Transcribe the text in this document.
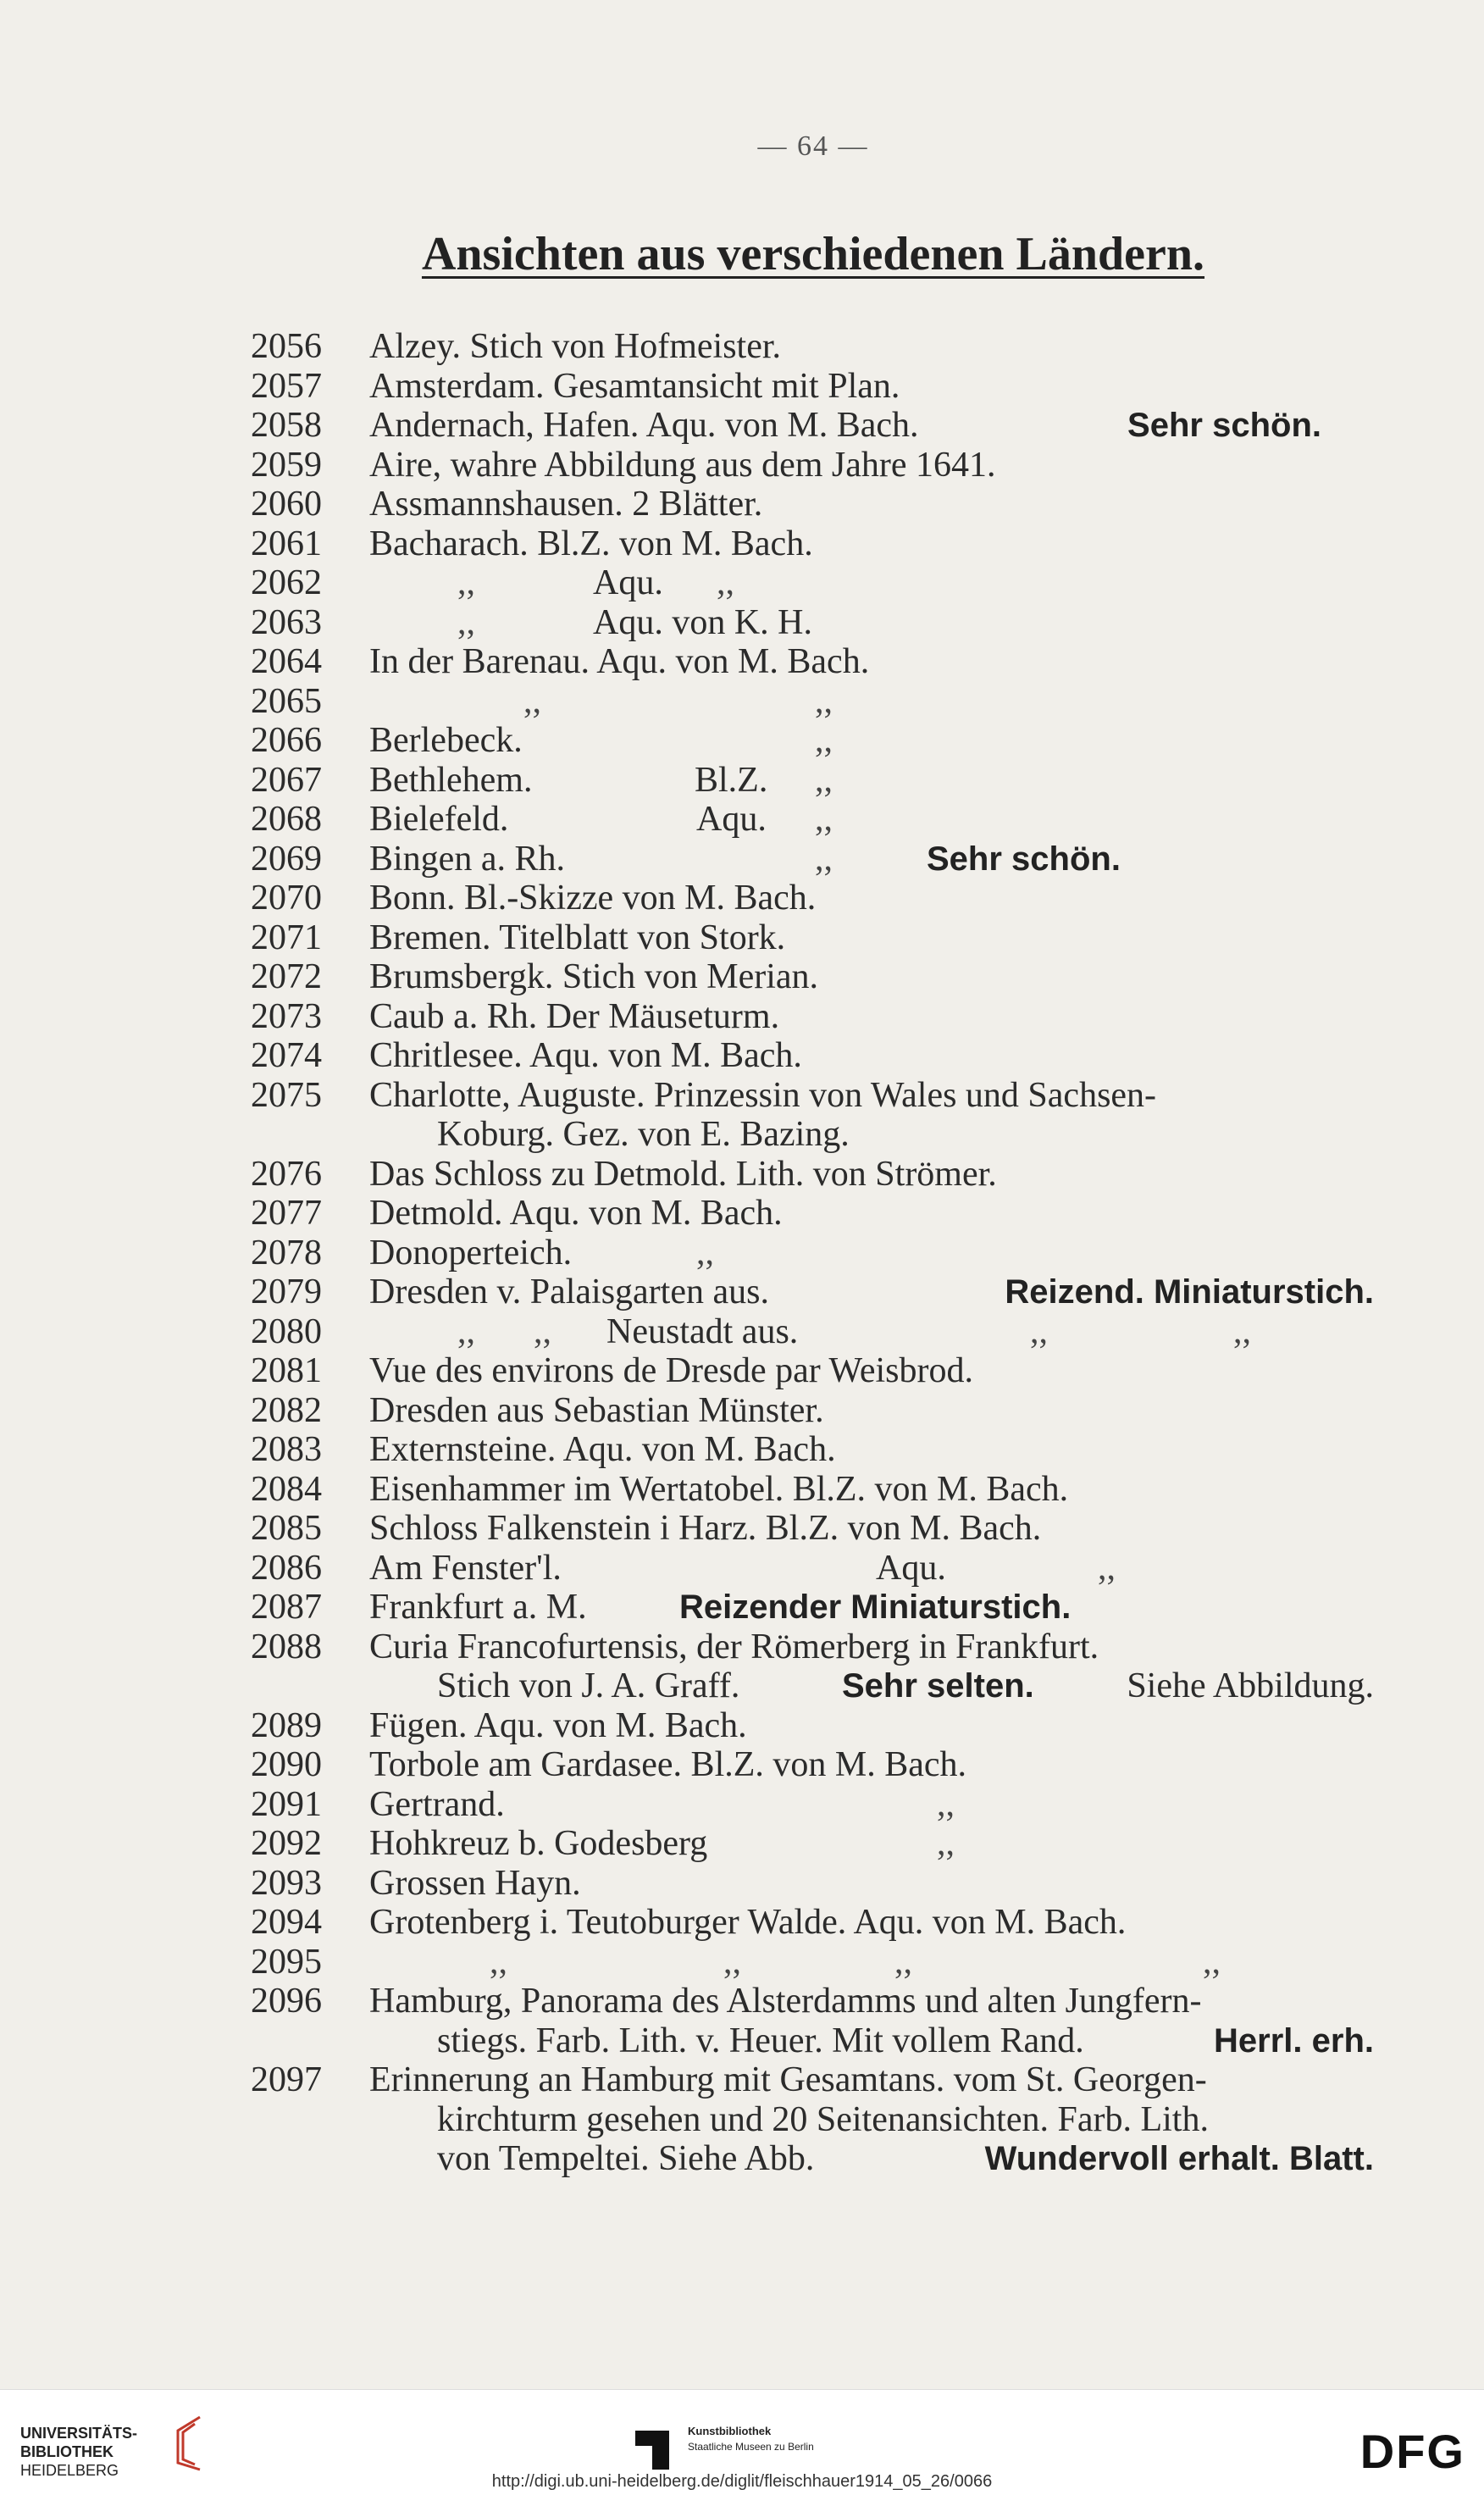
— 64 —
Ansichten aus verschiedenen Ländern.
2056	Alzey. Stich von Hofmeister.
2057	Amsterdam. Gesamtansicht mit Plan.
2058	Andernach, Hafen. Aqu. von M. Bach.	Sehr schön.
2059	Aire, wahre Abbildung aus dem Jahre 1641.
2060	Assmannshausen. 2 Blätter.
2061	Bacharach. Bl.Z. von M. Bach.
2062	,,	Aqu. ,,
2063	,,	Aqu. von K. H.
2064	In der Barenau. Aqu. von M. Bach.
2065	,,	,,
2066	Berlebeck.	,,
2067	Bethlehem.	Bl.Z. ,,
2068	Bielefeld.	Aqu. ,,
2069	Bingen a. Rh.	,,	Sehr schön.
2070	Bonn. Bl.-Skizze von M. Bach.
2071	Bremen. Titelblatt von Stork.
2072	Brumsbergk. Stich von Merian.
2073	Caub a. Rh. Der Mäuseturm.
2074	Chritlesee. Aqu. von M. Bach.
2075	Charlotte, Auguste. Prinzessin von Wales und Sachsen-
Koburg. Gez. von E. Bazing.
2076	Das Schloss zu Detmold. Lith. von Strömer.
2077	Detmold. Aqu. von M. Bach.
2078	Donoperteich.	,,
2079	Dresden v. Palaisgarten aus.	Reizend. Miniaturstich.
2080	,, ,, Neustadt aus.	,,	,,
2081	Vue des environs de Dresde par Weisbrod.
2082	Dresden aus Sebastian Münster.
2083	Externsteine. Aqu. von M. Bach.
2084	Eisenhammer im Wertatobel. Bl.Z. von M. Bach.
2085	Schloss Falkenstein i Harz. Bl.Z. von M. Bach.
2086	Am Fenster'l.	Aqu.	,,
2087	Frankfurt a. M.	Reizender Miniaturstich.
2088	Curia Francofurtensis, der Römerberg in Frankfurt.
Stich von J. A. Graff.	Sehr selten.	Siehe Abbildung.
2089	Fügen. Aqu. von M. Bach.
2090	Torbole am Gardasee. Bl.Z. von M. Bach.
2091	Gertrand.	,,
2092	Hohkreuz b. Godesberg	,,
2093	Grossen Hayn.
2094	Grotenberg i. Teutoburger Walde. Aqu. von M. Bach.
2095	,,	,,	,,	,,
2096	Hamburg, Panorama des Alsterdamms und alten Jungfern-
stiegs. Farb. Lith. v. Heuer. Mit vollem Rand.	Herrl. erh.
2097	Erinnerung an Hamburg mit Gesamtans. vom St. Georgen-
kirchturm gesehen und 20 Seitenansichten. Farb. Lith.
von Tempeltei. Siehe Abb.	Wundervoll erhalt. Blatt.
UNIVERSITÄTS-
BIBLIOTHEK
HEIDELBERG
Kunstbibliothek
Staatliche Museen zu Berlin	DFG
http://digi.ub.uni-heidelberg.de/diglit/fleischhauer1914_05_26/0066
